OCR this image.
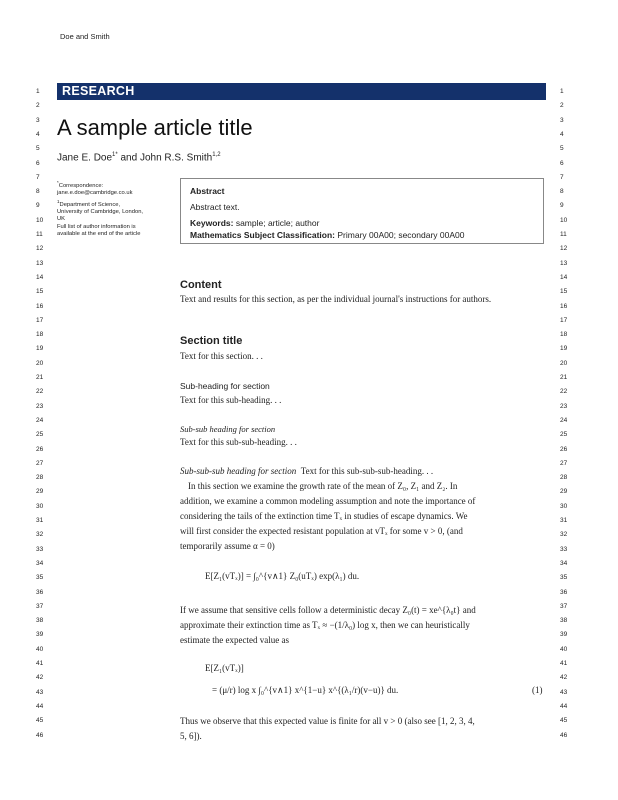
Doe and Smith
1
2
3
4
5
6
7
8
9
10
11
12
13
14
15
16
17
18
19
20
21
22
23
24
25
26
27
28
29
30
31
32
33
34
35
36
37
38
39
40
41
42
43
44
45
46
1
2
3
4
5
6
7
8
9
10
11
12
13
14
15
16
17
18
19
20
21
22
23
24
25
26
27
28
29
30
31
32
33
34
35
36
37
38
39
40
41
42
43
44
45
46
RESEARCH
A sample article title
Jane E. Doe$^{1*}$ and John R.S. Smith$^{1,2}$
*Correspondence:
jane.e.doe@cambridge.co.uk
$^1$Department of Science,
University of Cambridge, London,
UK
Full list of author information is
available at the end of the article
Abstract
Abstract text.
Keywords: sample; article; author
Mathematics Subject Classification: Primary 00A00; secondary 00A00
Content
Text and results for this section, as per the individual journal's instructions for authors.
Section title
Text for this section. . .
Sub-heading for section
Text for this sub-heading. . .
Sub-sub heading for section
Text for this sub-sub-heading. . .
Sub-sub-sub heading for section Text for this sub-sub-sub-heading. . .
In this section we examine the growth rate of the mean of Z₀, Z₁ and Z₂. In
addition, we examine a common modeling assumption and note the importance of
considering the tails of the extinction time Tₓ in studies of escape dynamics. We
will first consider the expected resistant population at vTₓ for some v > 0, (and
temporarily assume α = 0)
E[Z₁(vTₓ)] = ∫₀^{v∧1} Z₀(uTₓ) exp(λ₁) du.
If we assume that sensitive cells follow a deterministic decay Z₀(t) = xe^{λ₀t} and
approximate their extinction time as Tₓ ≈ −(1/λ₀) log x, then we can heuristically
estimate the expected value as
E[Z₁(vTₓ)]
= (μ/r) log x ∫₀^{v∧1} x^{1−u} x^{(λ₁/r)(v−u)} du.	(1)
Thus we observe that this expected value is finite for all v > 0 (also see [1, 2, 3, 4,
5, 6]).
